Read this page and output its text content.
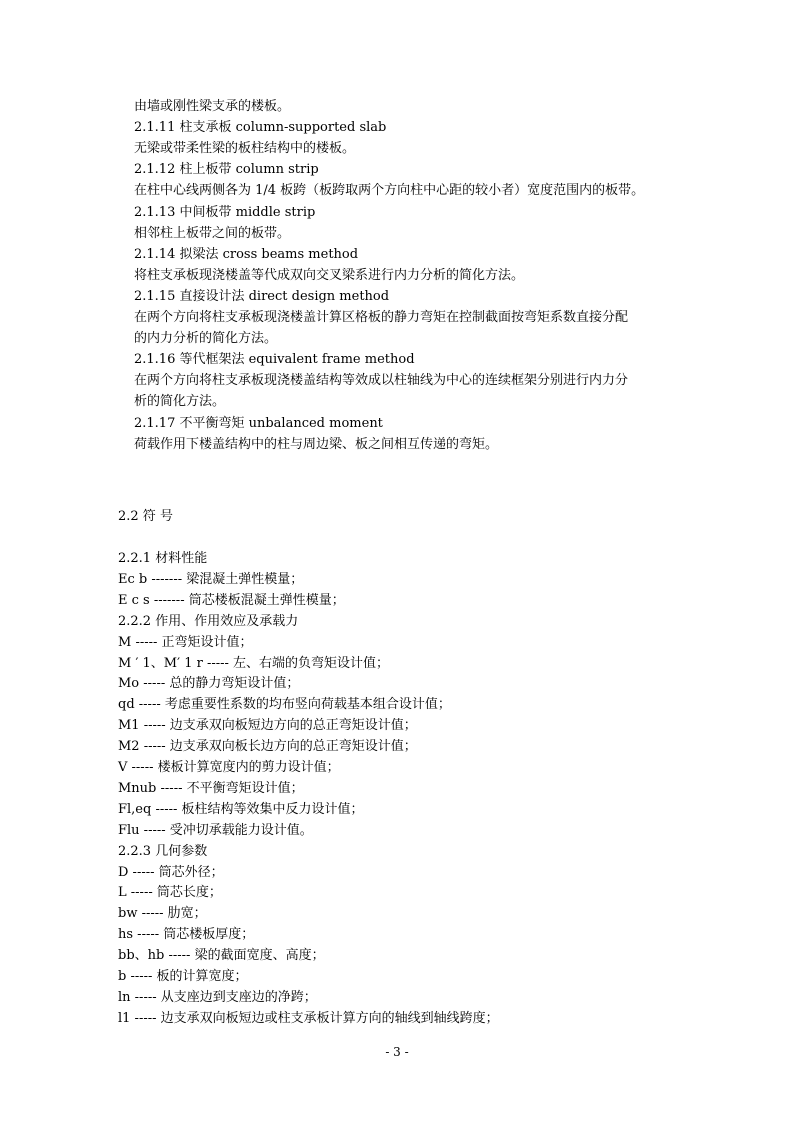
由墙或刚性梁支承的楼板。
2.1.11 柱支承板 column-supported slab
无梁或带柔性梁的板柱结构中的楼板。
2.1.12 柱上板带 column strip
在柱中心线两侧各为 1/4 板跨（板跨取两个方向柱中心距的较小者）宽度范围内的板带。
2.1.13 中间板带 middle strip
相邻柱上板带之间的板带。
2.1.14 拟梁法 cross beams method
将柱支承板现浇楼盖等代成双向交叉梁系进行内力分析的简化方法。
2.1.15 直接设计法 direct design method
在两个方向将柱支承板现浇楼盖计算区格板的静力弯矩在控制截面按弯矩系数直接分配
的内力分析的简化方法。
2.1.16 等代框架法 equivalent frame method
在两个方向将柱支承板现浇楼盖结构等效成以柱轴线为中心的连续框架分别进行内力分
析的简化方法。
2.1.17 不平衡弯矩 unbalanced moment
荷载作用下楼盖结构中的柱与周边梁、板之间相互传递的弯矩。
2.2 符 号
2.2.1 材料性能
Ec b ------- 梁混凝土弹性模量；
E c s ------- 筒芯楼板混凝土弹性模量；
2.2.2 作用、作用效应及承载力
M ----- 正弯矩设计值；
M ′ 1、M′ 1 r ----- 左、右端的负弯矩设计值；
Mo ----- 总的静力弯矩设计值；
qd ----- 考虑重要性系数的均布竖向荷载基本组合设计值；
M1 ----- 边支承双向板短边方向的总正弯矩设计值；
M2 ----- 边支承双向板长边方向的总正弯矩设计值；
V ----- 楼板计算宽度内的剪力设计值；
Mnub ----- 不平衡弯矩设计值；
Fl,eq ----- 板柱结构等效集中反力设计值；
Flu ----- 受冲切承载能力设计值。
2.2.3 几何参数
D ----- 筒芯外径；
L ----- 筒芯长度；
bw ----- 肋宽；
hs ----- 筒芯楼板厚度；
bb、hb ----- 梁的截面宽度、高度；
b ----- 板的计算宽度；
ln ----- 从支座边到支座边的净跨；
l1 ----- 边支承双向板短边或柱支承板计算方向的轴线到轴线跨度；
- 3 -
